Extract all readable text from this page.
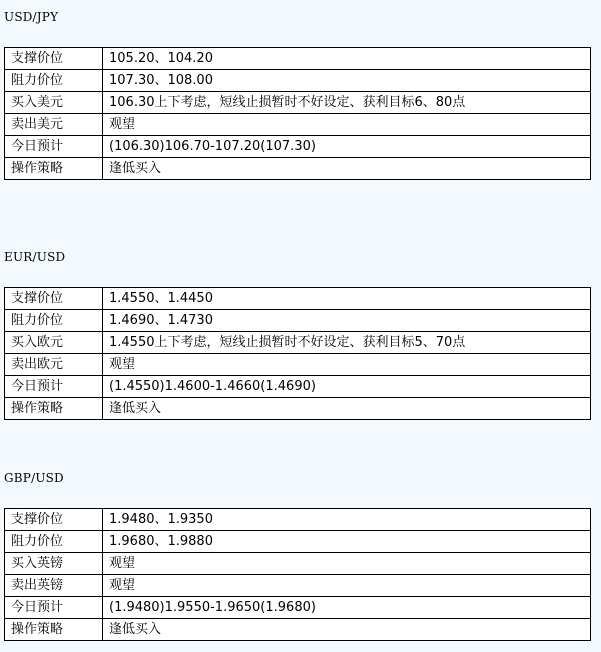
USD/JPY
支撑价位	105.20、104.20
阻力价位	107.30、108.00
买入美元	106.30上下考虑，短线止损暂时不好设定、获利目标6、80点
卖出美元	观望
今日预计	(106.30)106.70-107.20(107.30)
操作策略	逢低买入
EUR/USD
支撑价位	1.4550、1.4450
阻力价位	1.4690、1.4730
买入欧元	1.4550上下考虑，短线止损暂时不好设定、获利目标5、70点
卖出欧元	观望
今日预计	(1.4550)1.4600-1.4660(1.4690)
操作策略	逢低买入
GBP/USD
支撑价位	1.9480、1.9350
阻力价位	1.9680、1.9880
买入英镑	观望
卖出英镑	观望
今日预计	(1.9480)1.9550-1.9650(1.9680)
操作策略	逢低买入
